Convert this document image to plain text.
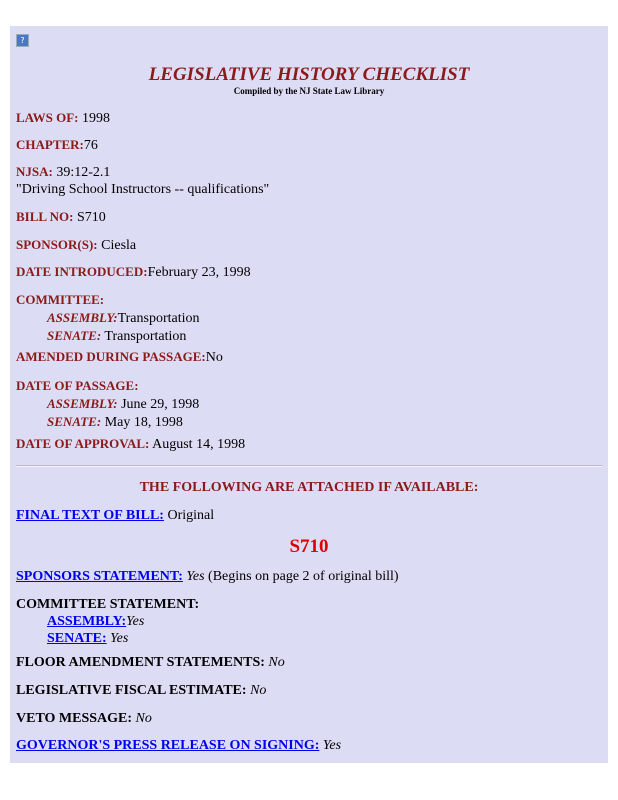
?
LEGISLATIVE HISTORY CHECKLIST
Compiled by the NJ State Law Library
LAWS OF: 1998
CHAPTER:76
NJSA: 39:12-2.1
"Driving School Instructors -- qualifications"
BILL NO: S710
SPONSOR(S): Ciesla
DATE INTRODUCED:February 23, 1998
COMMITTEE:

ASSEMBLY:Transportation
SENATE: Transportation
AMENDED DURING PASSAGE:No
DATE OF PASSAGE:

ASSEMBLY: June 29, 1998
SENATE: May 18, 1998
DATE OF APPROVAL: August 14, 1998
THE FOLLOWING ARE ATTACHED IF AVAILABLE:
FINAL TEXT OF BILL: Original
S710
SPONSORS STATEMENT: Yes (Begins on page 2 of original bill)
COMMITTEE STATEMENT:

ASSEMBLY:Yes
SENATE: Yes
FLOOR AMENDMENT STATEMENTS: No
LEGISLATIVE FISCAL ESTIMATE: No
VETO MESSAGE: No
GOVERNOR'S PRESS RELEASE ON SIGNING: Yes
